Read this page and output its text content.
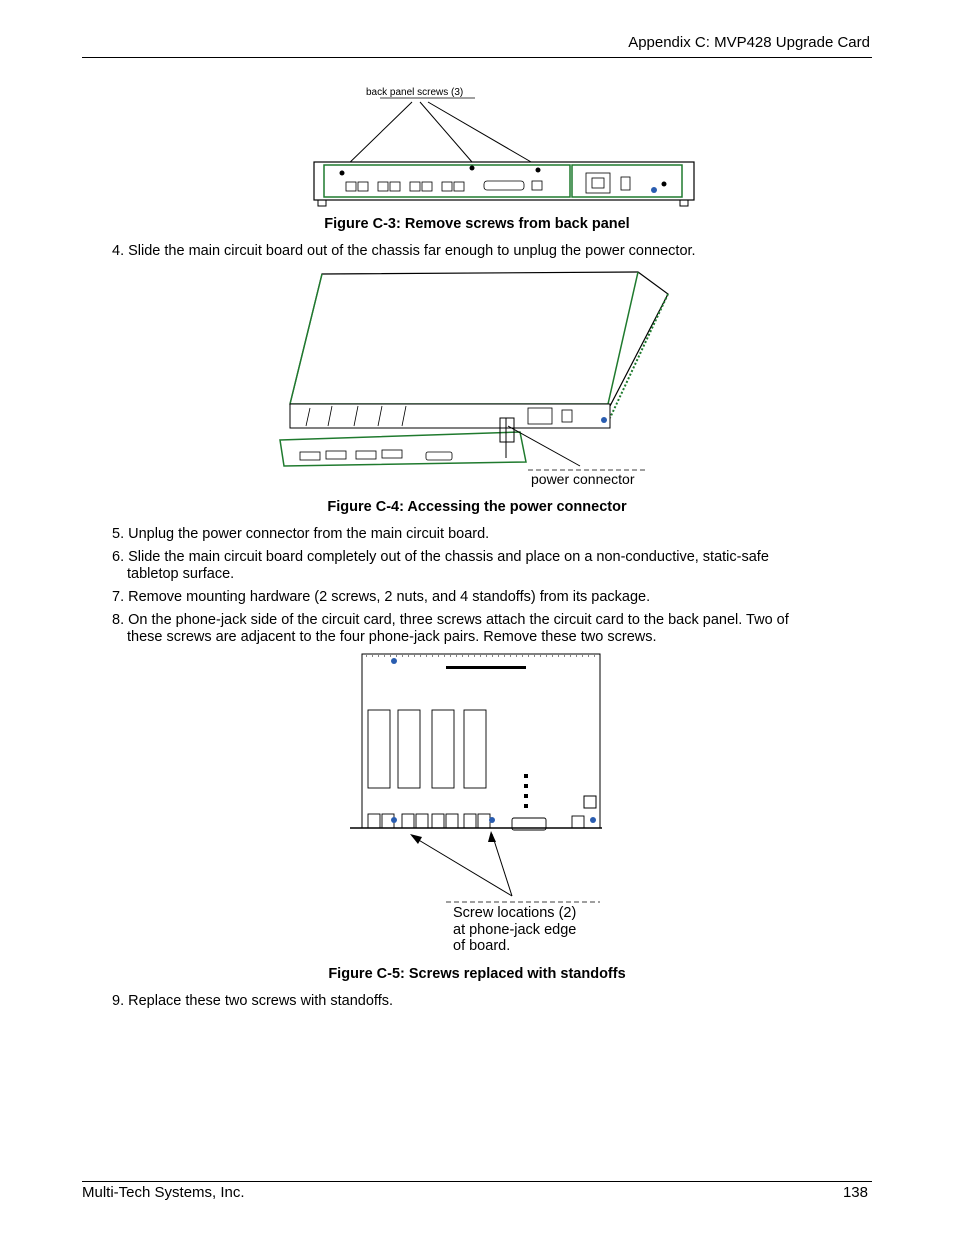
Appendix C: MVP428 Upgrade Card
back panel screws (3)
Figure C-3: Remove screws from back panel
4. Slide the main circuit board out of the chassis far enough to unplug the power connector.
power connector
Figure C-4: Accessing the power connector
5. Unplug the power connector from the main circuit board.
6. Slide the main circuit board completely out of the chassis and place on a non-conductive, static-safe
tabletop surface.
7. Remove mounting hardware (2 screws, 2 nuts, and 4 standoffs) from its package.
8. On the phone-jack side of the circuit card, three screws attach the circuit card to the back panel. Two of
these screws are adjacent to the four phone-jack pairs. Remove these two screws.
Screw locations (2)
at phone-jack edge
of board.
Figure C-5: Screws replaced with standoffs
9. Replace these two screws with standoffs.
Multi-Tech Systems, Inc.	138
